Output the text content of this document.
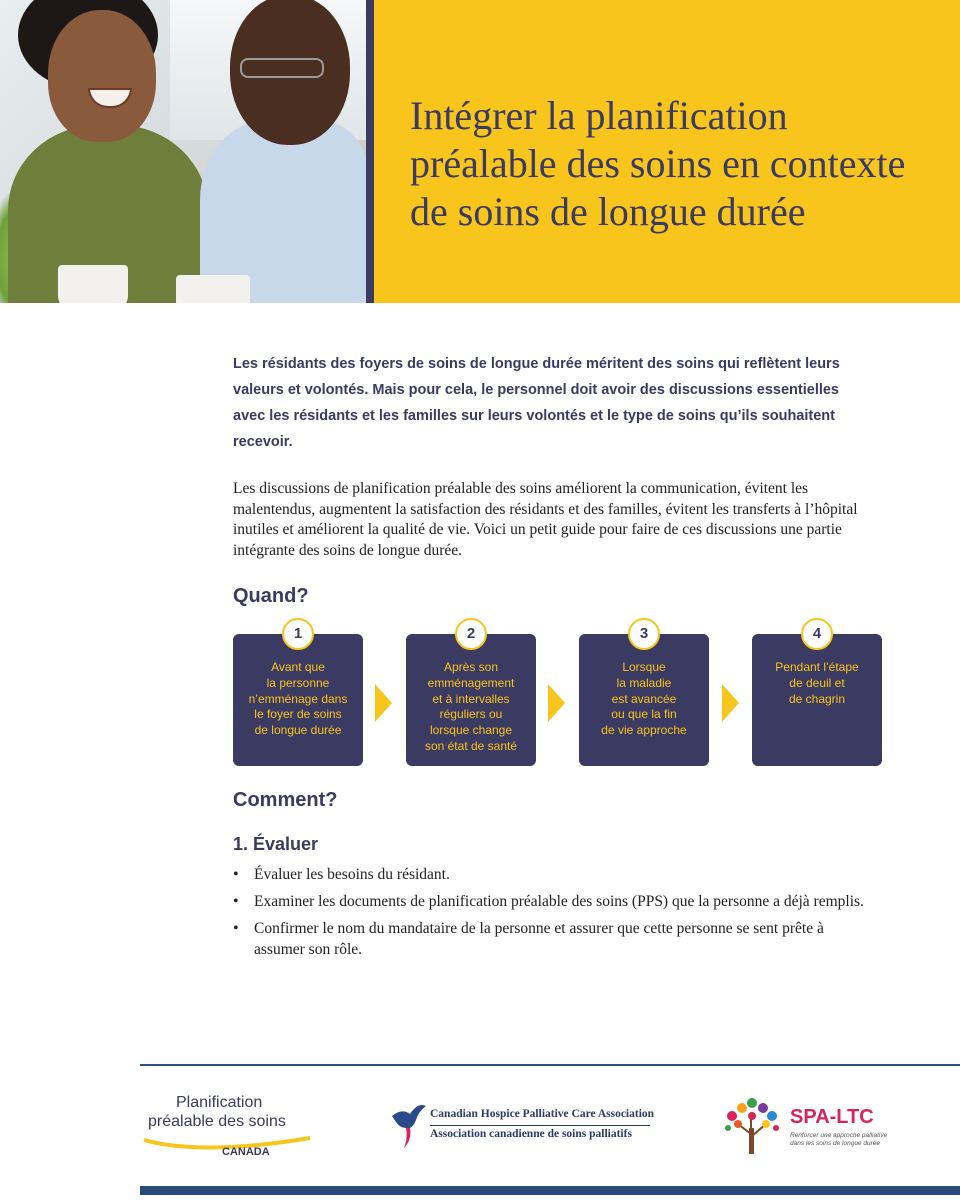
Intégrer la planification préalable des soins en contexte de soins de longue durée

Les résidants des foyers de soins de longue durée méritent des soins qui reflètent leurs valeurs et volontés. Mais pour cela, le personnel doit avoir des discussions essentielles avec les résidants et les familles sur leurs volontés et le type de soins qu’ils souhaitent recevoir.

Les discussions de planification préalable des soins améliorent la communication, évitent les malentendus, augmentent la satisfaction des résidants et des familles, évitent les transferts à l’hôpital inutiles et améliorent la qualité de vie. Voici un petit guide pour faire de ces discussions une partie intégrante des soins de longue durée.

Quand?
1

Avant que
la personne
n’emménage dans
le foyer de soins
de longue durée

2

Après son
emménagement
et à intervalles
réguliers ou
lorsque change
son état de santé

3

Lorsque
la maladie
est avancée
ou que la fin
de vie approche

4

Pendant l’étape
de deuil et
de chagrin

Comment?
1. Évaluer
• Évaluer les besoins du résidant.
• Examiner les documents de planification préalable des soins (PPS) que la personne a déjà remplis.
• Confirmer le nom du mandataire de la personne et assurer que cette personne se sent prête à assumer son rôle.
Planification
préalable des soins
CANADA
Canadian Hospice Palliative Care Association
Association canadienne de soins palliatifs
SPA-LTC
Renforcer une approche palliative
dans les soins de longue durée
